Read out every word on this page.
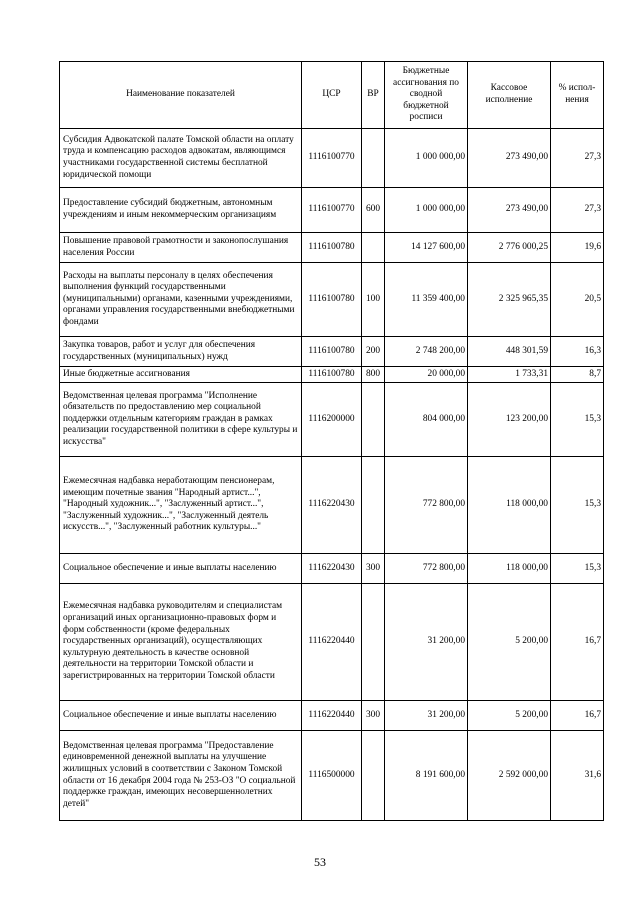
Наименование показателей	ЦСР	ВР	Бюджетные ассигнования по сводной бюджетной росписи	Кассовое исполнение	% испол-нения
Субсидия Адвокатской палате Томской области на оплату труда и компенсацию расходов адвокатам, являющимся участниками государственной системы бесплатной юридической помощи	1116100770		1 000 000,00	273 490,00	27,3
Предоставление субсидий бюджетным, автономным учреждениям и иным некоммерческим организациям	1116100770	600	1 000 000,00	273 490,00	27,3
Повышение правовой грамотности и законопослушания населения России	1116100780		14 127 600,00	2 776 000,25	19,6
Расходы на выплаты персоналу в целях обеспечения выполнения функций государственными (муниципальными) органами, казенными учреждениями, органами управления государственными внебюджетными фондами	1116100780	100	11 359 400,00	2 325 965,35	20,5
Закупка товаров, работ и услуг для обеспечения государственных (муниципальных) нужд	1116100780	200	2 748 200,00	448 301,59	16,3
Иные бюджетные ассигнования	1116100780	800	20 000,00	1 733,31	8,7
Ведомственная целевая программа "Исполнение обязательств по предоставлению мер социальной поддержки отдельным категориям граждан в рамках реализации государственной политики в сфере культуры и искусства"	1116200000		804 000,00	123 200,00	15,3
Ежемесячная надбавка неработающим пенсионерам, имеющим почетные звания "Народный артист...", "Народный художник...", "Заслуженный артист...", "Заслуженный художник...", "Заслуженный деятель искусств...", "Заслуженный работник культуры..."	1116220430		772 800,00	118 000,00	15,3
Социальное обеспечение и иные выплаты населению	1116220430	300	772 800,00	118 000,00	15,3
Ежемесячная надбавка руководителям и специалистам организаций иных организационно-правовых форм и форм собственности (кроме федеральных государственных организаций), осуществляющих культурную деятельность в качестве основной деятельности на территории Томской области и зарегистрированных на территории Томской области	1116220440		31 200,00	5 200,00	16,7
Социальное обеспечение и иные выплаты населению	1116220440	300	31 200,00	5 200,00	16,7
Ведомственная целевая программа "Предоставление единовременной денежной выплаты на улучшение жилищных условий в соответствии с Законом Томской области от 16 декабря 2004 года № 253-ОЗ "О социальной поддержке граждан, имеющих несовершеннолетних детей"	1116500000		8 191 600,00	2 592 000,00	31,6
53
